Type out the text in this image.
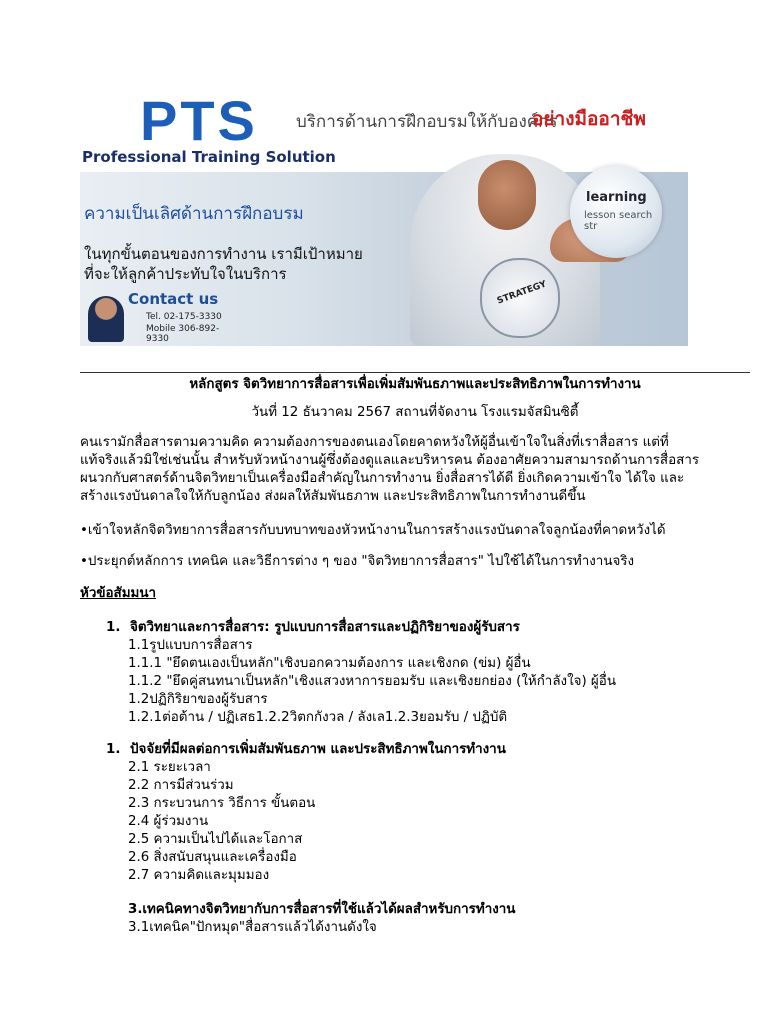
PTS บริการด้านการฝึกอบรมให้กับองค์กร
อย่างมืออาชีพ
Professional Training Solution
learning
lesson search str
STRATEGY
ความเป็นเลิศด้านการฝึกอบรม
ในทุกขั้นตอนของการทำงาน เรามีเป้าหมาย
ที่จะให้ลูกค้าประทับใจในบริการ
Contact us
Tel. 02-175-3330
Mobile 306-892-9330
หลักสูตร จิตวิทยาการสื่อสารเพื่อเพิ่มสัมพันธภาพและประสิทธิภาพในการทำงาน
วันที่ 12 ธันวาคม 2567 สถานที่จัดงาน โรงแรมจัสมินซิตี้
คนเรามักสื่อสารตามความคิด ความต้องการของตนเองโดยคาดหวังให้ผู้อื่นเข้าใจในสิ่งที่เราสื่อสาร แต่ที่
แท้จริงแล้วมิใช่เช่นนั้น สำหรับหัวหน้างานผู้ซึ่งต้องดูแลและบริหารคน ต้องอาศัยความสามารถด้านการสื่อสาร
ผนวกกับศาสตร์ด้านจิตวิทยาเป็นเครื่องมือสำคัญในการทำงาน ยิ่งสื่อสารได้ดี ยิ่งเกิดความเข้าใจ ได้ใจ และ
สร้างแรงบันดาลใจให้กับลูกน้อง ส่งผลให้สัมพันธภาพ และประสิทธิภาพในการทำงานดีขึ้น
•เข้าใจหลักจิตวิทยาการสื่อสารกับบทบาทของหัวหน้างานในการสร้างแรงบันดาลใจลูกน้องที่คาดหวังได้
•ประยุกต์หลักการ เทคนิค และวิธีการต่าง ๆ ของ "จิตวิทยาการสื่อสาร" ไปใช้ได้ในการทำงานจริง
หัวข้อสัมมนา
1. จิตวิทยาและการสื่อสาร: รูปแบบการสื่อสารและปฏิกิริยาของผู้รับสาร
1.1รูปแบบการสื่อสาร
1.1.1 "ยึดตนเองเป็นหลัก"เชิงบอกความต้องการ และเชิงกด (ข่ม) ผู้อื่น
1.1.2 "ยึดคู่สนทนาเป็นหลัก"เชิงแสวงหาการยอมรับ และเชิงยกย่อง (ให้กำลังใจ) ผู้อื่น
1.2ปฏิกิริยาของผู้รับสาร
1.2.1ต่อต้าน / ปฏิเสธ1.2.2วิตกกังวล / ลังเล1.2.3ยอมรับ / ปฏิบัติ
1. ปัจจัยที่มีผลต่อการเพิ่มสัมพันธภาพ และประสิทธิภาพในการทำงาน
2.1 ระยะเวลา
2.2 การมีส่วนร่วม
2.3 กระบวนการ วิธีการ ขั้นตอน
2.4 ผู้ร่วมงาน
2.5 ความเป็นไปได้และโอกาส
2.6 สิ่งสนับสนุนและเครื่องมือ
2.7 ความคิดและมุมมอง
3.เทคนิคทางจิตวิทยากับการสื่อสารที่ใช้แล้วได้ผลสำหรับการทำงาน
3.1เทคนิค"ปักหมุด"สื่อสารแล้วได้งานดังใจ
